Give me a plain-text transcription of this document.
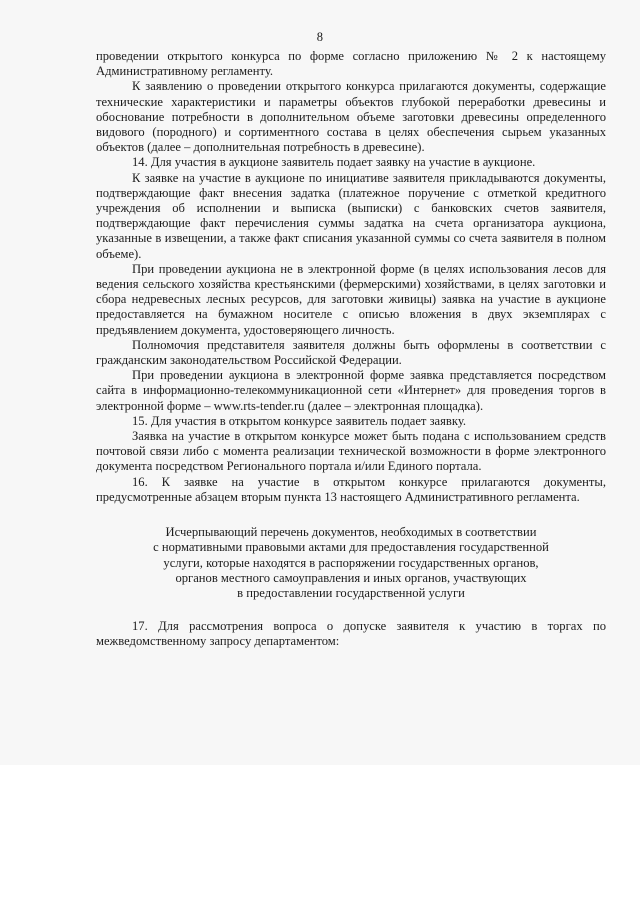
8

проведении открытого конкурса по форме согласно приложению № 2 к настоящему Административному регламенту.

К заявлению о проведении открытого конкурса прилагаются документы, содержащие технические характеристики и параметры объектов глубокой переработки древесины и обоснование потребности в дополнительном объеме заготовки древесины определенного видового (породного) и сортиментного состава в целях обеспечения сырьем указанных объектов (далее – дополнительная потребность в древесине).

14. Для участия в аукционе заявитель подает заявку на участие в аукционе.

К заявке на участие в аукционе по инициативе заявителя прикладываются документы, подтверждающие факт внесения задатка (платежное поручение с отметкой кредитного учреждения об исполнении и выписка (выписки) с банковских счетов заявителя, подтверждающие факт перечисления суммы задатка на счета организатора аукциона, указанные в извещении, а также факт списания указанной суммы со счета заявителя в полном объеме).

При проведении аукциона не в электронной форме (в целях использования лесов для ведения сельского хозяйства крестьянскими (фермерскими) хозяйствами, в целях заготовки и сбора недревесных лесных ресурсов, для заготовки живицы) заявка на участие в аукционе предоставляется на бумажном носителе с описью вложения в двух экземплярах с предъявлением документа, удостоверяющего личность.

Полномочия представителя заявителя должны быть оформлены в соответствии с гражданским законодательством Российской Федерации.

При проведении аукциона в электронной форме заявка представляется посредством сайта в информационно-телекоммуникационной сети «Интернет» для проведения торгов в электронной форме – www.rts-tender.ru (далее – электронная площадка).

15. Для участия в открытом конкурсе заявитель подает заявку.

Заявка на участие в открытом конкурсе может быть подана с использованием средств почтовой связи либо с момента реализации технической возможности в форме электронного документа посредством Регионального портала и/или Единого портала.

16. К заявке на участие в открытом конкурсе прилагаются документы, предусмотренные абзацем вторым пункта 13 настоящего Административного регламента.

Исчерпывающий перечень документов, необходимых в соответствии
с нормативными правовыми актами для предоставления государственной
услуги, которые находятся в распоряжении государственных органов,
органов местного самоуправления и иных органов, участвующих
в предоставлении государственной услуги

17. Для рассмотрения вопроса о допуске заявителя к участию в торгах по межведомственному запросу департаментом:
